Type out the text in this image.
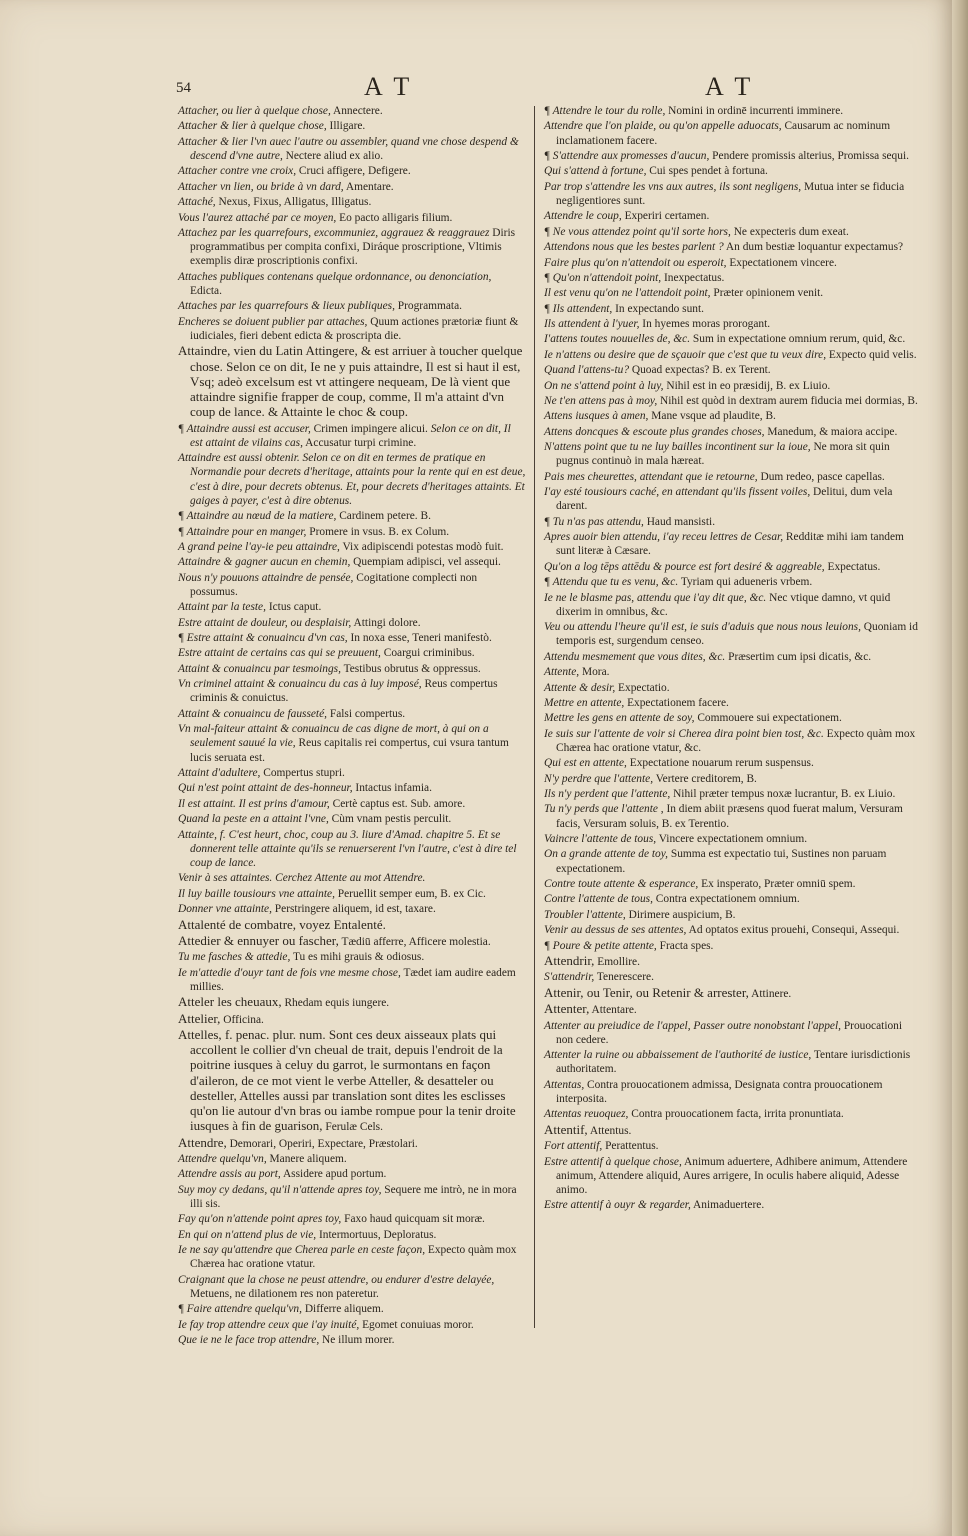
54	A T	A T

Attacher, ou lier à quelque chose, Annectere.

Attacher & lier à quelque chose, Illigare.

Attacher & lier l'vn auec l'autre ou assembler, quand vne chose despend & descend d'vne autre, Nectere aliud ex alio.

Attacher contre vne croix, Cruci affigere, Defigere.

Attacher vn lien, ou bride à vn dard, Amentare.

Attaché, Nexus, Fixus, Alligatus, Illigatus.

Vous l'aurez attaché par ce moyen, Eo pacto alligaris filium.

Attachez par les quarrefours, excommuniez, aggrauez & reaggrauez Diris programmatibus per compita confixi, Diráque proscriptione, Vltimis exemplis diræ proscriptionis confixi.

Attaches publiques contenans quelque ordonnance, ou denonciation, Edicta.

Attaches par les quarrefours & lieux publiques, Programmata.

Encheres se doiuent publier par attaches, Quum actiones prætoriæ fiunt & iudiciales, fieri debent edicta & proscripta die.

Attaindre, vien du Latin Attingere, & est arriuer à toucher quelque chose. Selon ce on dit, Ie ne y puis attaindre, Il est si haut il est, Vsq; adeò excelsum est vt attingere nequeam, De là vient que attaindre signifie frapper de coup, comme, Il m'a attaint d'vn coup de lance. & Attainte le choc & coup.

¶ Attaindre aussi est accuser, Crimen impingere alicui. Selon ce on dit, Il est attaint de vilains cas, Accusatur turpi crimine.

Attaindre est aussi obtenir. Selon ce on dit en termes de pratique en Normandie pour decrets d'heritage, attaints pour la rente qui en est deue, c'est à dire, pour decrets obtenus. Et, pour decrets d'heritages attaints. Et gaiges à payer, c'est à dire obtenus.

¶ Attaindre au nœud de la matiere, Cardinem petere. B.

¶ Attaindre pour en manger, Promere in vsus. B. ex Colum.

A grand peine l'ay-ie peu attaindre, Vix adipiscendi potestas modò fuit.

Attaindre & gagner aucun en chemin, Quempiam adipisci, vel assequi.

Nous n'y pouuons attaindre de pensée, Cogitatione complecti non possumus.

Attaint par la teste, Ictus caput.

Estre attaint de douleur, ou desplaisir, Attingi dolore.

¶ Estre attaint & conuaincu d'vn cas, In noxa esse, Teneri manifestò.

Estre attaint de certains cas qui se preuuent, Coargui criminibus.

Attaint & conuaincu par tesmoings, Testibus obrutus & oppressus.

Vn criminel attaint & conuaincu du cas à luy imposé, Reus compertus criminis & conuictus.

Attaint & conuaincu de fausseté, Falsi compertus.

Vn mal-faiteur attaint & conuaincu de cas digne de mort, à qui on a seulement sauué la vie, Reus capitalis rei compertus, cui vsura tantum lucis seruata est.

Attaint d'adultere, Compertus stupri.

Qui n'est point attaint de des-honneur, Intactus infamia.

Il est attaint. Il est prins d'amour, Certè captus est. Sub. amore.

Quand la peste en a attaint l'vne, Cùm vnam pestis perculit.

Attainte, f. C'est heurt, choc, coup au 3. liure d'Amad. chapitre 5. Et se donnerent telle attainte qu'ils se renuerserent l'vn l'autre, c'est à dire tel coup de lance.

Venir à ses attaintes. Cerchez Attente au mot Attendre.

Il luy baille tousiours vne attainte, Peruellit semper eum, B. ex Cic.

Donner vne attainte, Perstringere aliquem, id est, taxare.

Attalenté de combatre, voyez Entalenté.

Attedier & ennuyer ou fascher, Tædiū afferre, Afficere molestia.

Tu me fasches & attedie, Tu es mihi grauis & odiosus.

Ie m'attedie d'ouyr tant de fois vne mesme chose, Tædet iam audire eadem millies.

Atteler les cheuaux, Rhedam equis iungere.

Attelier, Officina.

Attelles, f. penac. plur. num. Sont ces deux aisseaux plats qui accollent le collier d'vn cheual de trait, depuis l'endroit de la poitrine iusques à celuy du garrot, le surmontans en façon d'aileron, de ce mot vient le verbe Atteller, & desatteler ou desteller, Attelles aussi par translation sont dites les esclisses qu'on lie autour d'vn bras ou iambe rompue pour la tenir droite iusques à fin de guarison, Ferulæ Cels.

Attendre, Demorari, Operiri, Expectare, Præstolari.

Attendre quelqu'vn, Manere aliquem.

Attendre assis au port, Assidere apud portum.

Suy moy cy dedans, qu'il n'attende apres toy, Sequere me intrò, ne in mora illi sis.

Fay qu'on n'attende point apres toy, Faxo haud quicquam sit moræ.

En qui on n'attend plus de vie, Intermortuus, Deploratus.

Ie ne say qu'attendre que Cherea parle en ceste façon, Expecto quàm mox Chærea hac oratione vtatur.

Craignant que la chose ne peust attendre, ou endurer d'estre delayée, Metuens, ne dilationem res non pateretur.

¶ Faire attendre quelqu'vn, Differre aliquem.

Ie fay trop attendre ceux que i'ay inuité, Egomet conuiuas moror.

Que ie ne le face trop attendre, Ne illum morer.

¶ Attendre le tour du rolle, Nomini in ordinē incurrenti imminere.

Attendre que l'on plaide, ou qu'on appelle aduocats, Causarum ac nominum inclamationem facere.

¶ S'attendre aux promesses d'aucun, Pendere promissis alterius, Promissa sequi.

Qui s'attend à fortune, Cui spes pendet à fortuna.

Par trop s'attendre les vns aux autres, ils sont negligens, Mutua inter se fiducia negligentiores sunt.

Attendre le coup, Experiri certamen.

¶ Ne vous attendez point qu'il sorte hors, Ne expecteris dum exeat.

Attendons nous que les bestes parlent ? An dum bestiæ loquantur expectamus?

Faire plus qu'on n'attendoit ou esperoit, Expectationem vincere.

¶ Qu'on n'attendoit point, Inexpectatus.

Il est venu qu'on ne l'attendoit point, Præter opinionem venit.

¶ Ils attendent, In expectando sunt.

Ils attendent à l'yuer, In hyemes moras prorogant.

I'attens toutes nouuelles de, &c. Sum in expectatione omnium rerum, quid, &c.

Ie n'attens ou desire que de sçauoir que c'est que tu veux dire, Expecto quid velis.

Quand l'attens-tu? Quoad expectas? B. ex Terent.

On ne s'attend point à luy, Nihil est in eo præsidij, B. ex Liuio.

Ne t'en attens pas à moy, Nihil est quòd in dextram aurem fiducia mei dormias, B.

Attens iusques à amen, Mane vsque ad plaudite, B.

Attens doncques & escoute plus grandes choses, Manedum, & maiora accipe.

N'attens point que tu ne luy bailles incontinent sur la ioue, Ne mora sit quin pugnus continuò in mala hæreat.

Pais mes cheurettes, attendant que ie retourne, Dum redeo, pasce capellas.

I'ay esté tousiours caché, en attendant qu'ils fissent voiles, Delitui, dum vela darent.

¶ Tu n'as pas attendu, Haud mansisti.

Apres auoir bien attendu, i'ay receu lettres de Cesar, Redditæ mihi iam tandem sunt literæ à Cæsare.

Qu'on a log tēps attēdu & pource est fort desiré & aggreable, Expectatus.

¶ Attendu que tu es venu, &c. Tyriam qui adueneris vrbem.

Ie ne le blasme pas, attendu que i'ay dit que, &c. Nec vtique damno, vt quid dixerim in omnibus, &c.

Veu ou attendu l'heure qu'il est, ie suis d'aduis que nous nous leuions, Quoniam id temporis est, surgendum censeo.

Attendu mesmement que vous dites, &c. Præsertim cum ipsi dicatis, &c.

Attente, Mora.

Attente & desir, Expectatio.

Mettre en attente, Expectationem facere.

Mettre les gens en attente de soy, Commouere sui expectationem.

Ie suis sur l'attente de voir si Cherea dira point bien tost, &c. Expecto quàm mox Chærea hac oratione vtatur, &c.

Qui est en attente, Expectatione nouarum rerum suspensus.

N'y perdre que l'attente, Vertere creditorem, B.

Ils n'y perdent que l'attente, Nihil præter tempus noxæ lucrantur, B. ex Liuio.

Tu n'y perds que l'attente , In diem abiit præsens quod fuerat malum, Versuram facis, Versuram soluis, B. ex Terentio.

Vaincre l'attente de tous, Vincere expectationem omnium.

On a grande attente de toy, Summa est expectatio tui, Sustines non paruam expectationem.

Contre toute attente & esperance, Ex insperato, Præter omniū spem.

Contre l'attente de tous, Contra expectationem omnium.

Troubler l'attente, Dirimere auspicium, B.

Venir au dessus de ses attentes, Ad optatos exitus prouehi, Consequi, Assequi.

¶ Poure & petite attente, Fracta spes.

Attendrir, Emollire.

S'attendrir, Tenerescere.

Attenir, ou Tenir, ou Retenir & arrester, Attinere.

Attenter, Attentare.

Attenter au preiudice de l'appel, Passer outre nonobstant l'appel, Prouocationi non cedere.

Attenter la ruine ou abbaissement de l'authorité de iustice, Tentare iurisdictionis authoritatem.

Attentas, Contra prouocationem admissa, Designata contra prouocationem interposita.

Attentas reuoquez, Contra prouocationem facta, irrita pronuntiata.

Attentif, Attentus.

Fort attentif, Perattentus.

Estre attentif à quelque chose, Animum aduertere, Adhibere animum, Attendere animum, Attendere aliquid, Aures arrigere, In oculis habere aliquid, Adesse animo.

Estre attentif à ouyr & regarder, Animaduertere.
